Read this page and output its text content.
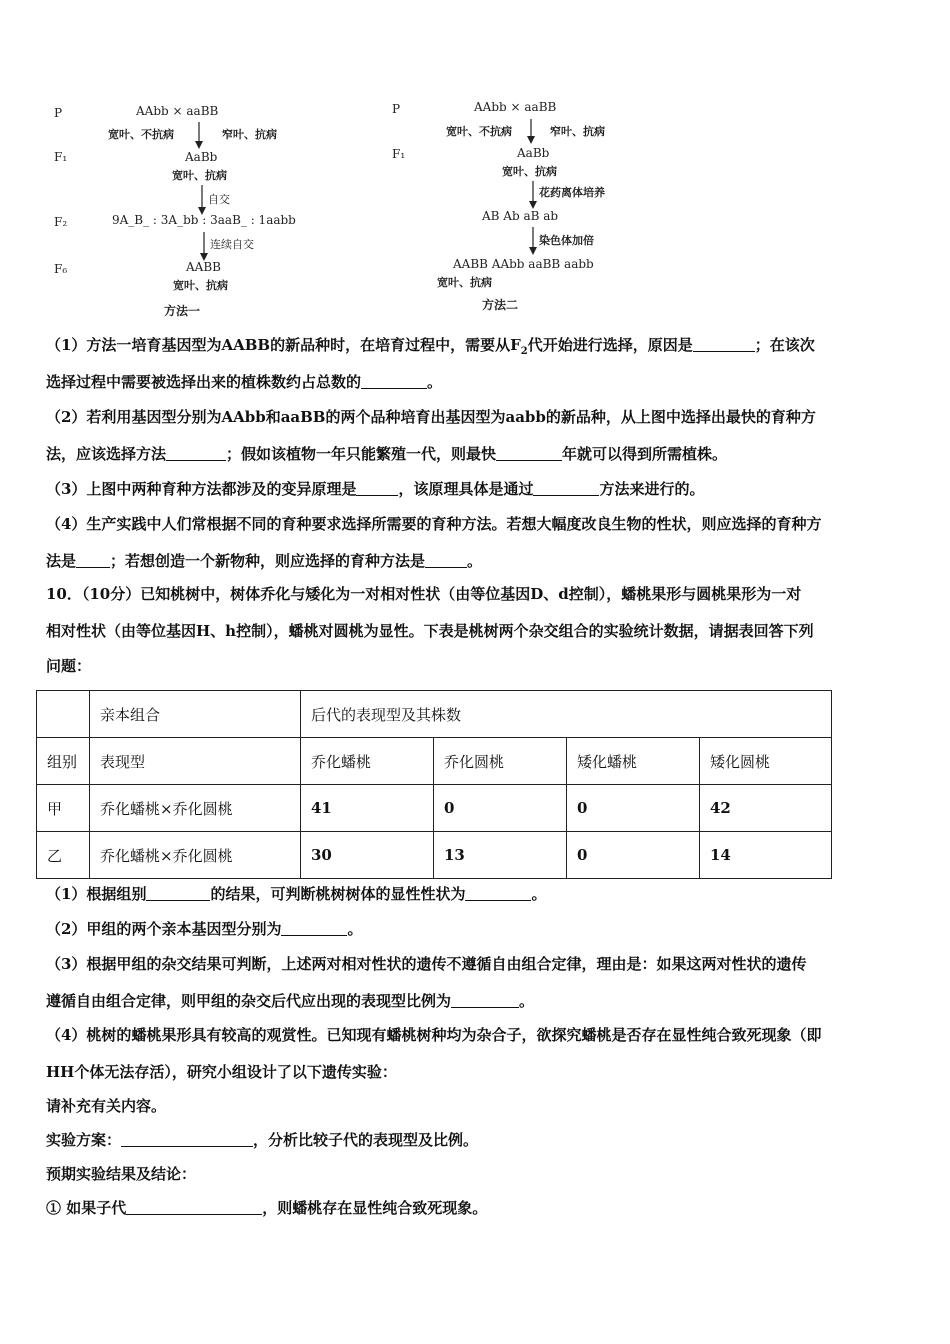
P	AAbb × aaBB
宽叶、不抗病	窄叶、抗病
F₁	AaBb
宽叶、抗病
自交
F₂	9A_B_ : 3A_bb : 3aaB_ : 1aabb
连续自交
F₆	AABB
宽叶、抗病
方法一
P	AAbb × aaBB
宽叶、不抗病	窄叶、抗病
F₁	AaBb
宽叶、抗病
花药离体培养
AB Ab aB ab
染色体加倍
AABB AAbb aaBB aabb
宽叶、抗病
方法二
（1）方法一培育基因型为AABB的新品种时，在培育过程中，需要从$F_2$代开始进行选择，原因是	；在该次
选择过程中需要被选择出来的植株数约占总数的	。
（2）若利用基因型分别为AAbb和aaBB的两个品种培育出基因型为aabb的新品种，从上图中选择出最快的育种方
法，应该选择方法	；假如该植物一年只能繁殖一代，则最快	年就可以得到所需植株。
（3）上图中两种育种方法都涉及的变异原理是	，该原理具体是通过	方法来进行的。
（4）生产实践中人们常根据不同的育种要求选择所需要的育种方法。若想大幅度改良生物的性状，则应选择的育种方
法是 ；若想创造一个新物种，则应选择的育种方法是	。
10．（10分）已知桃树中，树体乔化与矮化为一对相对性状（由等位基因D、d控制），蟠桃果形与圆桃果形为一对
相对性状（由等位基因H、h控制），蟠桃对圆桃为显性。下表是桃树两个杂交组合的实验统计数据，请据表回答下列
问题：
	亲本组合	后代的表现型及其株数			
组别	表现型	乔化蟠桃	乔化圆桃	矮化蟠桃	矮化圆桃
甲	乔化蟠桃×乔化圆桃	41	0	0	42
乙	乔化蟠桃×乔化圆桃	30	13	0	14
（1）根据组别	的结果，可判断桃树树体的显性性状为	。
（2）甲组的两个亲本基因型分别为	。
（3）根据甲组的杂交结果可判断，上述两对相对性状的遗传不遵循自由组合定律，理由是：如果这两对性状的遗传
遵循自由组合定律，则甲组的杂交后代应出现的表现型比例为	。
（4）桃树的蟠桃果形具有较高的观赏性。已知现有蟠桃树种均为杂合子，欲探究蟠桃是否存在显性纯合致死现象（即
HH个体无法存活），研究小组设计了以下遗传实验：
请补充有关内容。
实验方案：	，分析比较子代的表现型及比例。
预期实验结果及结论：
① 如果子代	，则蟠桃存在显性纯合致死现象。
